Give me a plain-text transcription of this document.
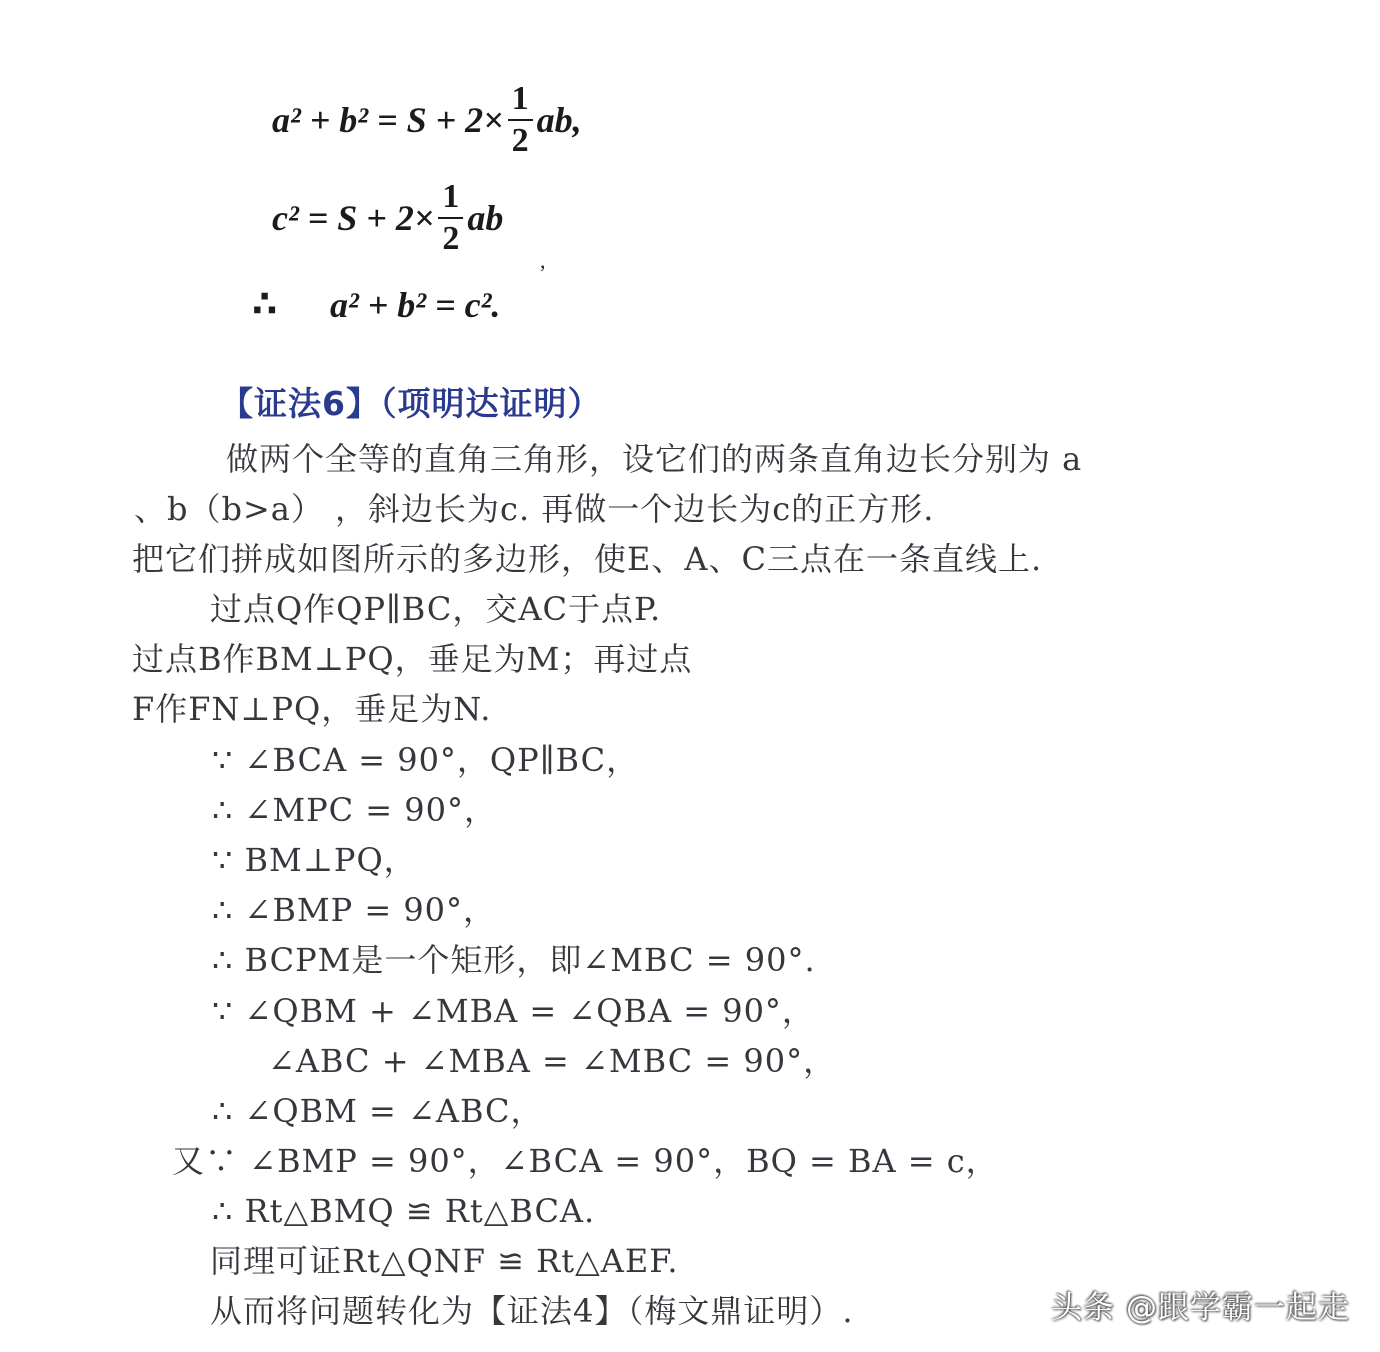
$a^2 + b^2 = S + 2\times \frac{1}{2}$ ab,
$c^2 = S + 2\times \frac{1}{2}$ ab
,
∴ a² + b² = c².
【证法6】（项明达证明）
做两个全等的直角三角形，设它们的两条直角边长分别为 a
、b（b>a） ，斜边长为c. 再做一个边长为c的正方形.
把它们拼成如图所示的多边形，使E、A、C三点在一条直线上.
过点Q作QP∥BC，交AC于点P.
过点B作BM⊥PQ，垂足为M；再过点
F作FN⊥PQ，垂足为N.
∵ ∠BCA = 90°，QP∥BC，
∴ ∠MPC = 90°，
∵ BM⊥PQ，
∴ ∠BMP = 90°，
∴ BCPM是一个矩形，即∠MBC = 90°.
∵ ∠QBM + ∠MBA = ∠QBA = 90°，
∠ABC + ∠MBA = ∠MBC = 90°，
∴ ∠QBM = ∠ABC，
又∵ ∠BMP = 90°，∠BCA = 90°，BQ = BA = c，
∴ Rt△BMQ ≌ Rt△BCA.
同理可证Rt△QNF ≌ Rt△AEF.
从而将问题转化为【证法4】（梅文鼎证明）.	头条 @跟学霸一起走
